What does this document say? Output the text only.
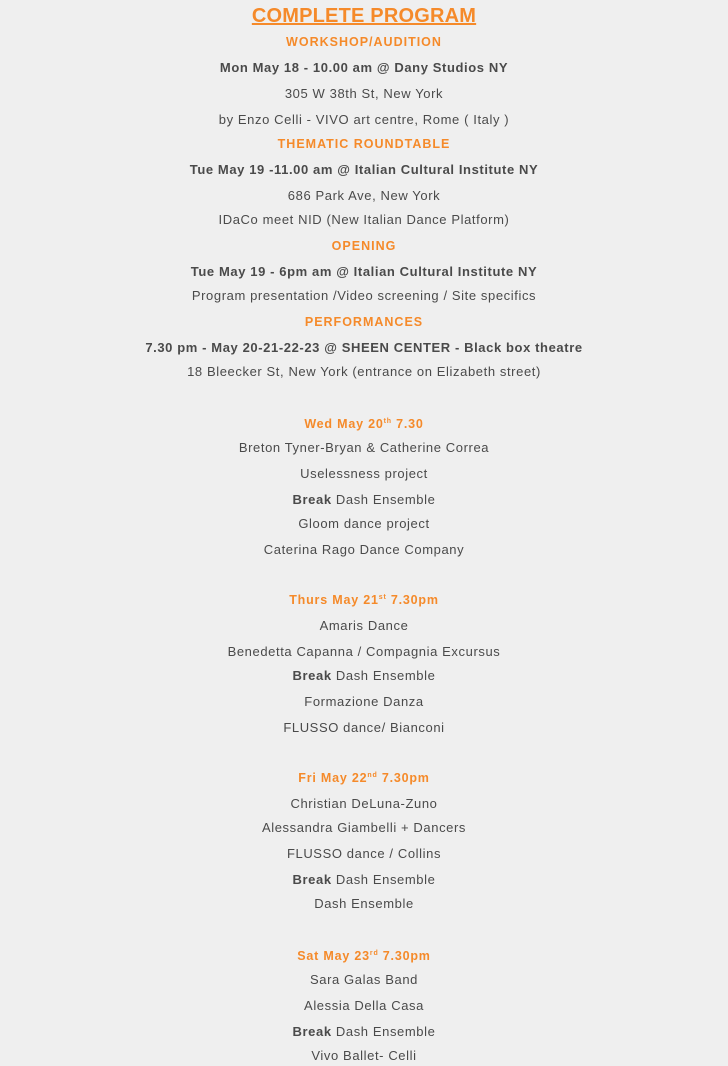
COMPLETE PROGRAM
WORKSHOP/AUDITION
Mon May 18 - 10.00 am @ Dany Studios NY
305 W 38th St, New York
by Enzo Celli - VIVO art centre, Rome ( Italy )
THEMATIC ROUNDTABLE
Tue May 19 -11.00 am @ Italian Cultural Institute NY
686 Park Ave, New York
IDaCo meet NID (New Italian Dance Platform)
OPENING
Tue May 19 - 6pm am @ Italian Cultural Institute NY
Program presentation /Video screening / Site specifics
PERFORMANCES
7.30 pm - May 20-21-22-23 @ SHEEN CENTER - Black box theatre
18 Bleecker St, New York (entrance on Elizabeth street)
Wed May 20th 7.30
Breton Tyner-Bryan & Catherine Correa
Uselessness project
Break Dash Ensemble
Gloom dance project
Caterina Rago Dance Company
Thurs May 21st 7.30pm
Amaris Dance
Benedetta Capanna / Compagnia Excursus
Break Dash Ensemble
Formazione Danza
FLUSSO dance/ Bianconi
Fri May 22nd 7.30pm
Christian DeLuna-Zuno
Alessandra Giambelli + Dancers
FLUSSO dance / Collins
Break Dash Ensemble
Dash Ensemble
Sat May 23rd 7.30pm
Sara Galas Band
Alessia Della Casa
Break Dash Ensemble
Vivo Ballet- Celli
